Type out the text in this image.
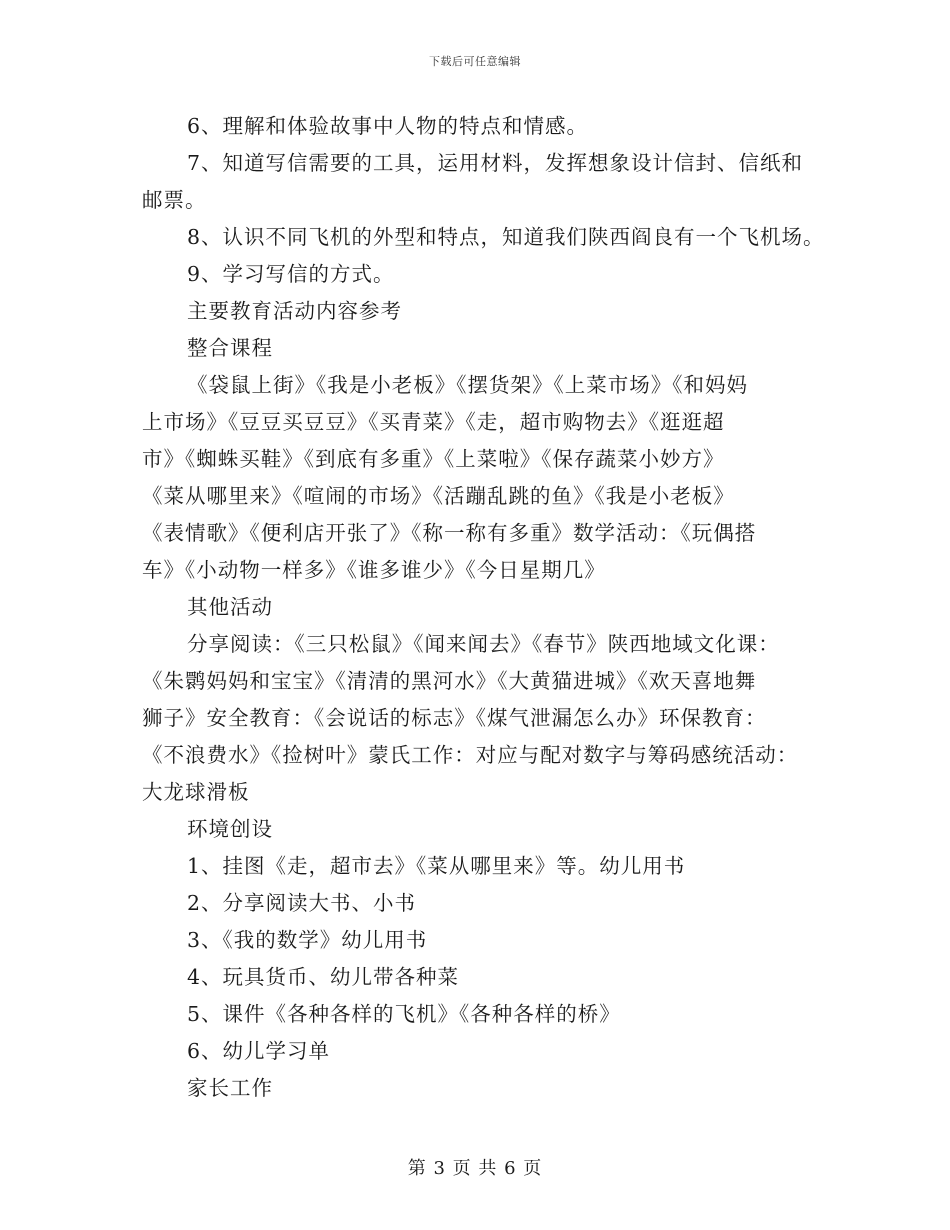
下载后可任意编辑
6、理解和体验故事中人物的特点和情感。
7、知道写信需要的工具，运用材料，发挥想象设计信封、信纸和
邮票。
8、认识不同飞机的外型和特点，知道我们陕西阎良有一个飞机场。
9、学习写信的方式。
主要教育活动内容参考
整合课程
《袋鼠上街》《我是小老板》《摆货架》《上菜市场》《和妈妈
上市场》《豆豆买豆豆》《买青菜》《走，超市购物去》《逛逛超
市》《蜘蛛买鞋》《到底有多重》《上菜啦》《保存蔬菜小妙方》
《菜从哪里来》《喧闹的市场》《活蹦乱跳的鱼》《我是小老板》
《表情歌》《便利店开张了》《称一称有多重》数学活动：《玩偶搭
车》《小动物一样多》《谁多谁少》《今日星期几》
其他活动
分享阅读：《三只松鼠》《闻来闻去》《春节》陕西地域文化课：
《朱鹮妈妈和宝宝》《清清的黑河水》《大黄猫进城》《欢天喜地舞
狮子》安全教育：《会说话的标志》《煤气泄漏怎么办》环保教育：
《不浪费水》《捡树叶》蒙氏工作：对应与配对数字与筹码感统活动：
大龙球滑板
环境创设
1、挂图《走，超市去》《菜从哪里来》等。幼儿用书
2、分享阅读大书、小书
3、《我的数学》幼儿用书
4、玩具货币、幼儿带各种菜
5、课件《各种各样的飞机》《各种各样的桥》
6、幼儿学习单
家长工作
第 3 页 共 6 页
